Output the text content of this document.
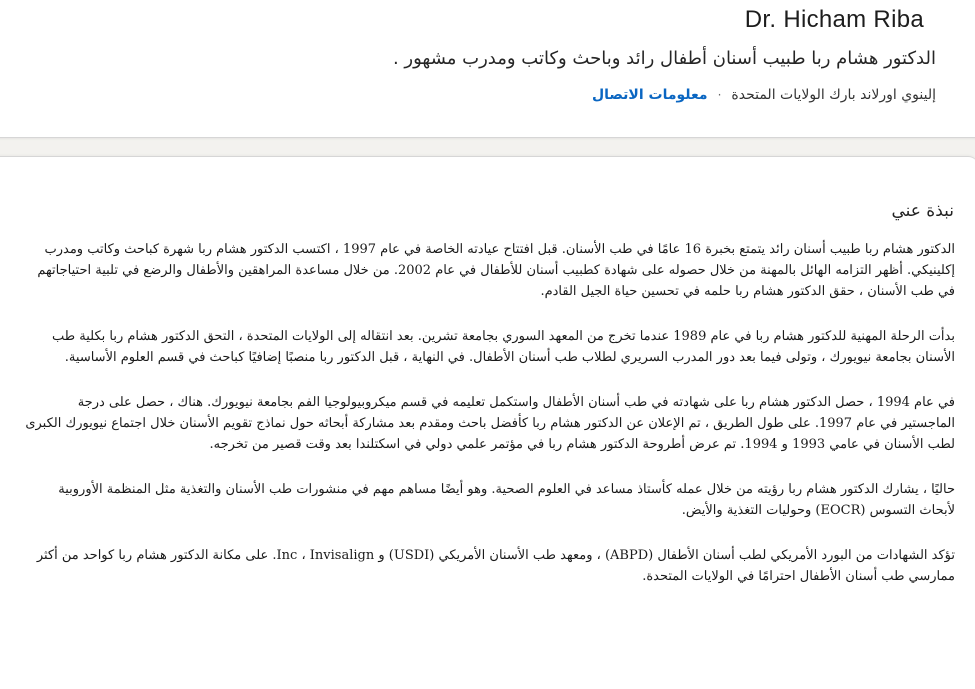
Dr. Hicham Riba
الدكتور هشام ربا طبيب أسنان أطفال رائد وباحث وكاتب ومدرب مشهور .
إلينوي اورلاند بارك الولايات المتحدة
·
معلومات الاتصال
نبذة عني

الدكتور هشام ربا طبيب أسنان رائد يتمتع بخبرة 16 عامًا في طب الأسنان. قبل افتتاح عيادته الخاصة في عام 1997 ، اكتسب الدكتور هشام ربا شهرة كباحث وكاتب ومدرب إكلينيكي. أظهر التزامه الهائل بالمهنة من خلال حصوله على شهادة كطبيب أسنان للأطفال في عام 2002. من خلال مساعدة المراهقين والأطفال والرضع في تلبية احتياجاتهم في طب الأسنان ، حقق الدكتور هشام ربا حلمه في تحسين حياة الجيل القادم.

بدأت الرحلة المهنية للدكتور هشام ربا في عام 1989 عندما تخرج من المعهد السوري بجامعة تشرين. بعد انتقاله إلى الولايات المتحدة ، التحق الدكتور هشام ربا بكلية طب الأسنان بجامعة نيويورك ، وتولى فيما بعد دور المدرب السريري لطلاب طب أسنان الأطفال. في النهاية ، قبل الدكتور ربا منصبًا إضافيًا كباحث في قسم العلوم الأساسية.

في عام 1994 ، حصل الدكتور هشام ربا على شهادته في طب أسنان الأطفال واستكمل تعليمه في قسم ميكروبيولوجيا الفم بجامعة نيويورك. هناك ، حصل على درجة الماجستير في عام 1997. على طول الطريق ، تم الإعلان عن الدكتور هشام ربا كأفضل باحث ومقدم بعد مشاركة أبحاثه حول نماذج تقويم الأسنان خلال اجتماع نيويورك الكبرى لطب الأسنان في عامي 1993 و 1994. تم عرض أطروحة الدكتور هشام ربا في مؤتمر علمي دولي في اسكتلندا بعد وقت قصير من تخرجه.

حاليًا ، يشارك الدكتور هشام ربا رؤيته من خلال عمله كأستاذ مساعد في العلوم الصحية. وهو أيضًا مساهم مهم في منشورات طب الأسنان والتغذية مثل المنظمة الأوروبية لأبحاث التسوس (EOCR) وحوليات التغذية والأيض.

تؤكد الشهادات من البورد الأمريكي لطب أسنان الأطفال (ABPD) ، ومعهد طب الأسنان الأمريكي (USDI) و Inc ، Invisalign. على مكانة الدكتور هشام ربا كواحد من أكثر ممارسي طب أسنان الأطفال احترامًا في الولايات المتحدة.
